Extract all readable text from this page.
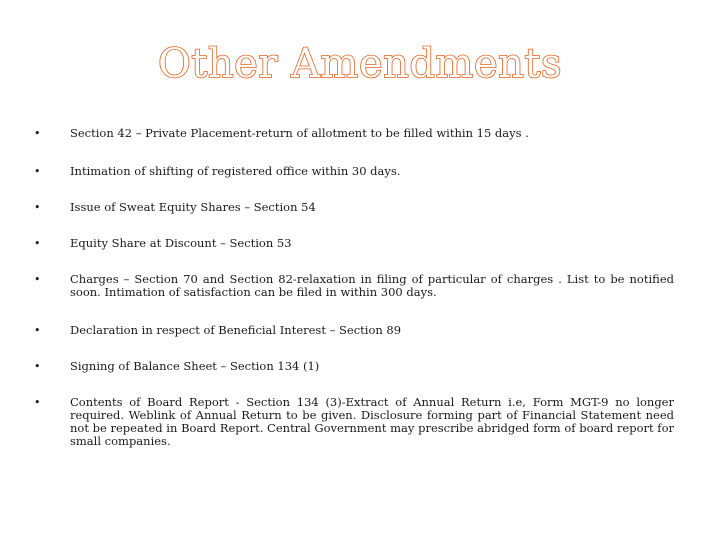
Other Amendments
•	Section 42 – Private Placement-return of allotment to be filled within 15 days .
•	Intimation of shifting of registered office within 30 days.
•	Issue of Sweat Equity Shares – Section 54
•	Equity Share at Discount – Section 53
•	Charges – Section 70 and Section 82-relaxation in filing of particular of charges . List to be notified soon. Intimation of satisfaction can be filed in within 300 days.
•	Declaration in respect of Beneficial Interest – Section 89
•	Signing of Balance Sheet – Section 134 (1)
•	Contents of Board Report - Section 134 (3)-Extract of Annual Return i.e, Form MGT-9 no longer required. Weblink of Annual Return to be given. Disclosure forming part of Financial Statement need not be repeated in Board Report. Central Government may prescribe abridged form of board report for small companies.
